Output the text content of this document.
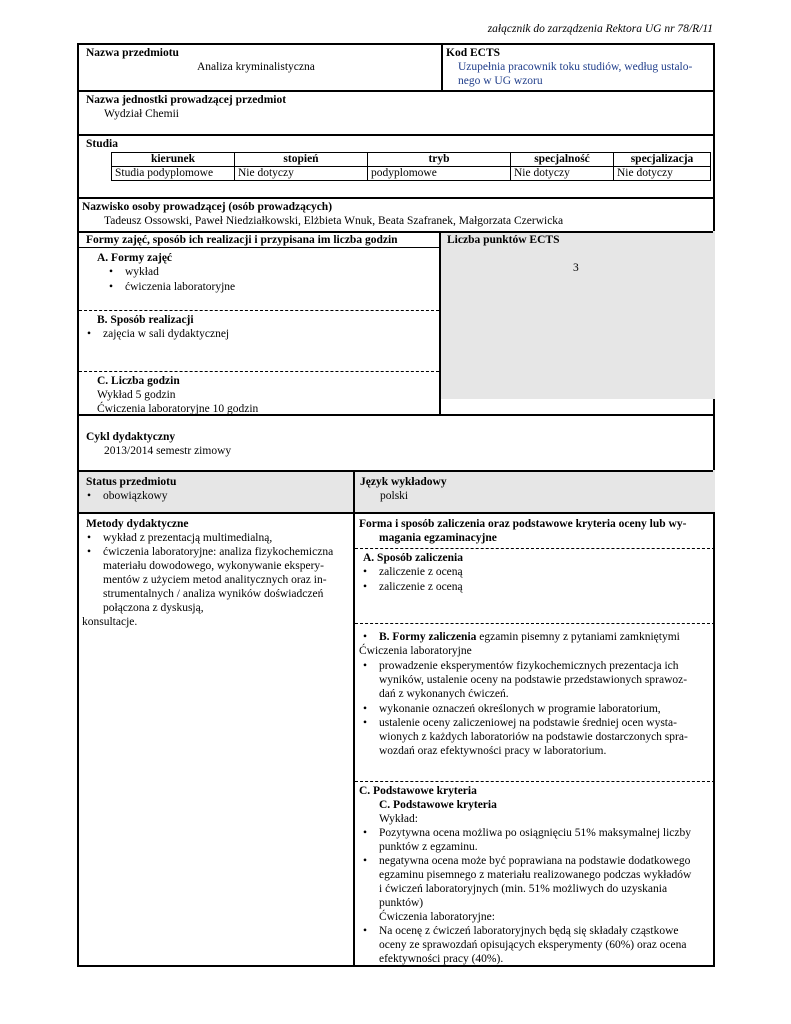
załącznik do zarządzenia Rektora UG nr 78/R/11
Nazwa przedmiotu
Analiza kryminalistyczna
Kod ECTS
Uzupełnia pracownik toku studiów, według ustalo-
nego w UG wzoru
Nazwa jednostki prowadzącej przedmiot
Wydział Chemii
Studia
kierunek	stopień	tryb	specjalność	specjalizacja
Studia podyplomowe	Nie dotyczy	podyplomowe	Nie dotyczy	Nie dotyczy
Nazwisko osoby prowadzącej (osób prowadzących)
Tadeusz Ossowski, Paweł Niedziałkowski, Elżbieta Wnuk, Beata Szafranek, Małgorzata Czerwicka
Formy zajęć, sposób ich realizacji i przypisana im liczba godzin
A. Formy zajęć
• wykład
• ćwiczenia laboratoryjne
B. Sposób realizacji
• zajęcia w sali dydaktycznej
C. Liczba godzin
Wykład 5 godzin
Ćwiczenia laboratoryjne 10 godzin
Liczba punktów ECTS
3
Cykl dydaktyczny
2013/2014 semestr zimowy
Status przedmiotu
• obowiązkowy
Język wykładowy
polski
Metody dydaktyczne
• wykład z prezentacją multimedialną,
• ćwiczenia laboratoryjne: analiza fizykochemiczna
materiału dowodowego, wykonywanie ekspery-
mentów z użyciem metod analitycznych oraz in-
strumentalnych / analiza wyników doświadczeń
połączona z dyskusją,
konsultacje.
Forma i sposób zaliczenia oraz podstawowe kryteria oceny lub wy-
magania egzaminacyjne
A. Sposób zaliczenia
• zaliczenie z oceną
• zaliczenie z oceną
• B. Formy zaliczenia egzamin pisemny z pytaniami zamkniętymi
Ćwiczenia laboratoryjne
• prowadzenie eksperymentów fizykochemicznych prezentacja ich
wyników, ustalenie oceny na podstawie przedstawionych sprawoz-
dań z wykonanych ćwiczeń.
• wykonanie oznaczeń określonych w programie laboratorium,
• ustalenie oceny zaliczeniowej na podstawie średniej ocen wysta-
wionych z każdych laboratoriów na podstawie dostarczonych spra-
wozdań oraz efektywności pracy w laboratorium.
C. Podstawowe kryteria
C. Podstawowe kryteria
Wykład:
• Pozytywna ocena możliwa po osiągnięciu 51% maksymalnej liczby
punktów z egzaminu.
• negatywna ocena może być poprawiana na podstawie dodatkowego
egzaminu pisemnego z materiału realizowanego podczas wykładów
i ćwiczeń laboratoryjnych (min. 51% możliwych do uzyskania
punktów)
Ćwiczenia laboratoryjne:
• Na ocenę z ćwiczeń laboratoryjnych będą się składały cząstkowe
oceny ze sprawozdań opisujących eksperymenty (60%) oraz ocena
efektywności pracy (40%).
